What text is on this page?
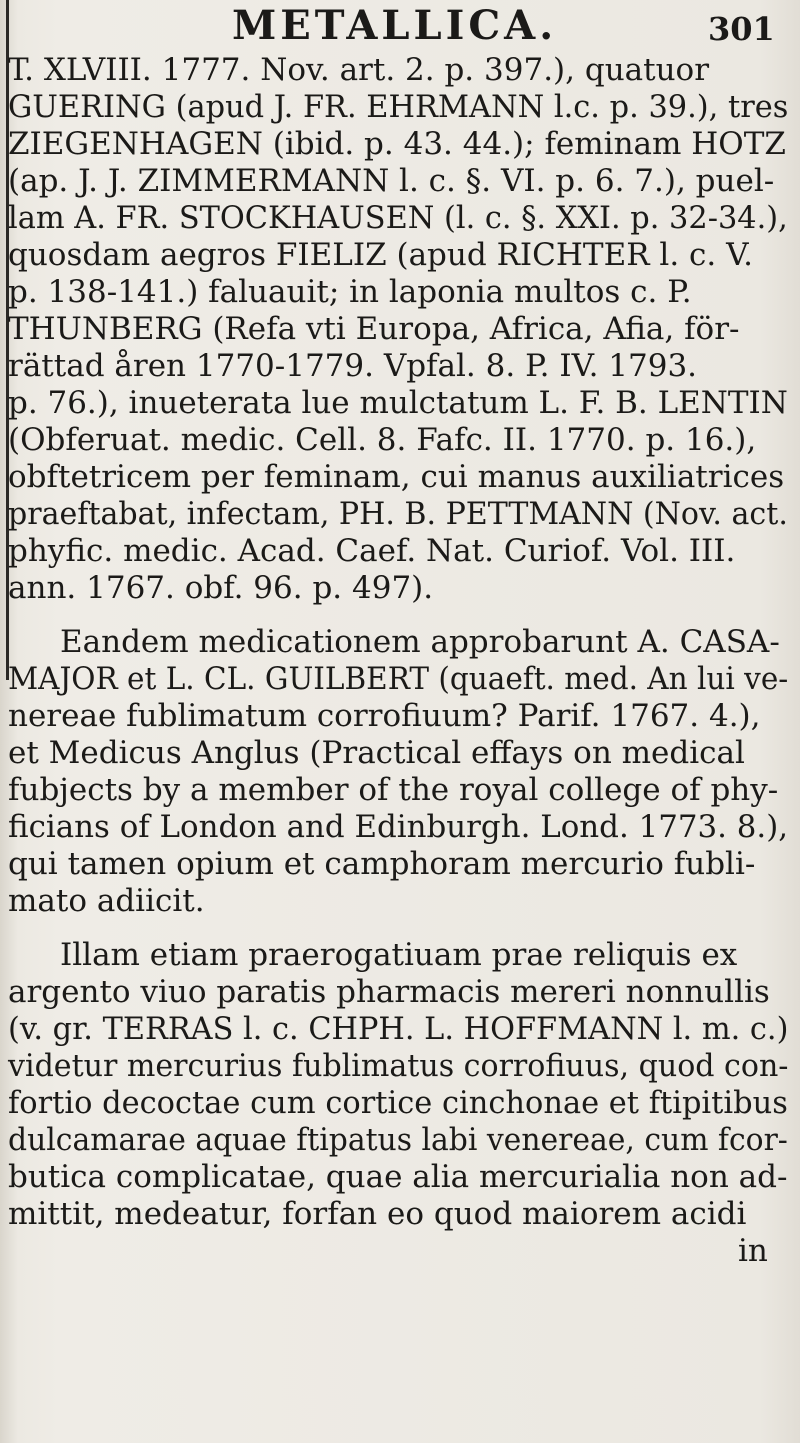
METALLICA.	301
T. XLVIII. 1777. Nov. art. 2. p. 397.), quatuor
GUERING (apud J. FR. EHRMANN l.c. p. 39.), tres
ZIEGENHAGEN (ibid. p. 43. 44.); feminam HOTZ
(ap. J. J. ZIMMERMANN l. c. §. VI. p. 6. 7.), puel-
lam A. FR. STOCKHAUSEN (l. c. §. XXI. p. 32-34.),
quosdam aegros FIELIZ (apud RICHTER l. c. V.
p. 138-141.) faluauit; in laponia multos c. P.
THUNBERG (Refa vti Europa, Africa, Afia, för-
rättad åren 1770-1779. Vpfal. 8. P. IV. 1793.
p. 76.), inueterata lue mulctatum L. F. B. LENTIN
(Obferuat. medic. Cell. 8. Fafc. II. 1770. p. 16.),
obftetricem per feminam, cui manus auxiliatrices
praeftabat, infectam, PH. B. PETTMANN (Nov. act.
phyfic. medic. Acad. Caef. Nat. Curiof. Vol. III.
ann. 1767. obf. 96. p. 497).
Eandem medicationem approbarunt A. CASA-
MAJOR et L. CL. GUILBERT (quaeft. med. An lui ve-
nereae fublimatum corrofiuum? Parif. 1767. 4.),
et Medicus Anglus (Practical effays on medical
fubjects by a member of the royal college of phy-
ficians of London and Edinburgh. Lond. 1773. 8.),
qui tamen opium et camphoram mercurio fubli-
mato adiicit.
Illam etiam praerogatiuam prae reliquis ex
argento viuo paratis pharmacis mereri nonnullis
(v. gr. TERRAS l. c. CHPH. L. HOFFMANN l. m. c.)
videtur mercurius fublimatus corrofiuus, quod con-
fortio decoctae cum cortice cinchonae et ftipitibus
dulcamarae aquae ftipatus labi venereae, cum fcor-
butica complicatae, quae alia mercurialia non ad-
mittit, medeatur, forfan eo quod maiorem acidi
in
